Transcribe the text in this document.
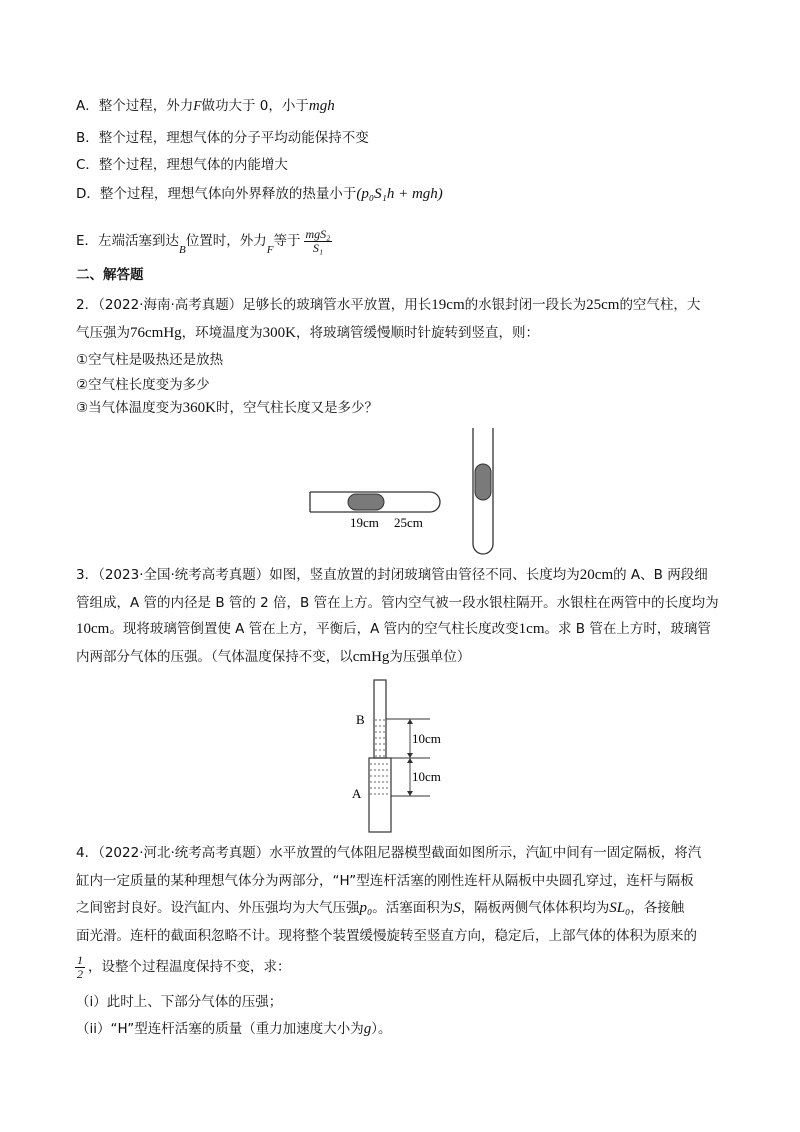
A．整个过程，外力F做功大于 0，小于mgh
B．整个过程，理想气体的分子平均动能保持不变
C．整个过程，理想气体的内能增大
D．整个过程，理想气体向外界释放的热量小于(p₀S₁h + mgh)
E．左端活塞到达$_B$位置时，外力$_F$等于 $\frac{\text{mgS₂}}{\text{S₁}}$
二、解答题
2．（2022·海南·高考真题）足够长的玻璃管水平放置，用长19cm的水银封闭一段长为25cm的空气柱，大
气压强为76cmHg，环境温度为300K，将玻璃管缓慢顺时针旋转到竖直，则：
①空气柱是吸热还是放热
②空气柱长度变为多少
③当气体温度变为360K时，空气柱长度又是多少？
19cm 25cm
3．（2023·全国·统考高考真题）如图，竖直放置的封闭玻璃管由管径不同、长度均为20cm的 A、B 两段细
管组成，A 管的内径是 B 管的 2 倍，B 管在上方。管内空气被一段水银柱隔开。水银柱在两管中的长度均为
10cm。现将玻璃管倒置使 A 管在上方，平衡后，A 管内的空气柱长度改变1cm。求 B 管在上方时，玻璃管
内两部分气体的压强。（气体温度保持不变，以cmHg为压强单位）
B
A
10cm
10cm
4．（2022·河北·统考高考真题）水平放置的气体阻尼器模型截面如图所示，汽缸中间有一固定隔板，将汽
缸内一定质量的某种理想气体分为两部分，“H”型连杆活塞的刚性连杆从隔板中央圆孔穿过，连杆与隔板
之间密封良好。设汽缸内、外压强均为大气压强p₀。活塞面积为S，隔板两侧气体体积均为SL₀，各接触
面光滑。连杆的截面积忽略不计。现将整个装置缓慢旋转至竖直方向，稳定后，上部气体的体积为原来的
$\frac{1}{2}$ ，设整个过程温度保持不变，求：
（i）此时上、下部分气体的压强；
（ii）“H”型连杆活塞的质量（重力加速度大小为g）。
